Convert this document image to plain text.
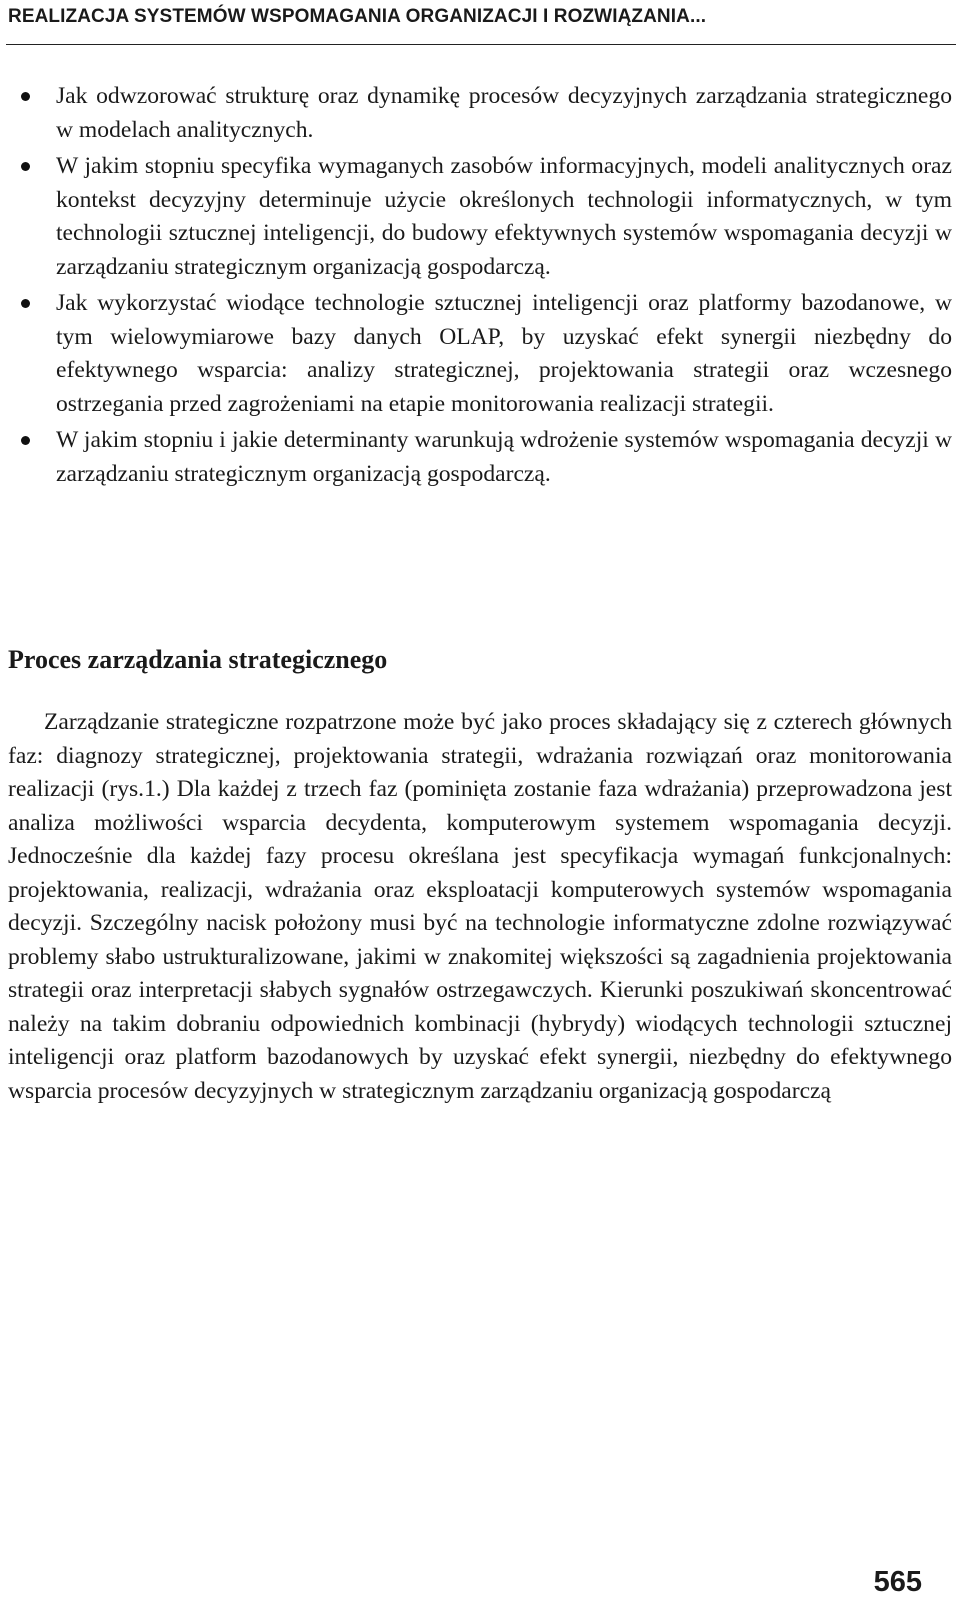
REALIZACJA SYSTEMÓW WSPOMAGANIA ORGANIZACJI I ROZWIĄZANIA...
Jak odwzorować strukturę oraz dynamikę procesów decyzyjnych zarządzania strategicznego w modelach analitycznych.
W jakim stopniu specyfika wymaganych zasobów informacyjnych, modeli analitycznych oraz kontekst decyzyjny determinuje użycie określonych technologii informatycznych, w tym technologii sztucznej inteligencji, do budowy efektywnych systemów wspomagania decyzji w zarządzaniu strategicznym organizacją gospodarczą.
Jak wykorzystać wiodące technologie sztucznej inteligencji oraz platformy bazodanowe, w tym wielowymiarowe bazy danych OLAP, by uzyskać efekt synergii niezbędny do efektywnego wsparcia: analizy strategicznej, projektowania strategii oraz wczesnego ostrzegania przed zagrożeniami na etapie monitorowania realizacji strategii.
W jakim stopniu i jakie determinanty warunkują wdrożenie systemów wspomagania decyzji w zarządzaniu strategicznym organizacją gospodarczą.
Proces zarządzania strategicznego

Zarządzanie strategiczne rozpatrzone może być jako proces składający się z czterech głównych faz: diagnozy strategicznej, projektowania strategii, wdrażania rozwiązań oraz monitorowania realizacji (rys.1.) Dla każdej z trzech faz (pominięta zostanie faza wdrażania) przeprowadzona jest analiza możliwości wsparcia decydenta, komputerowym systemem wspomagania decyzji. Jednocześnie dla każdej fazy procesu określana jest specyfikacja wymagań funkcjonalnych: projektowania, realizacji, wdrażania oraz eksploatacji komputerowych systemów wspomagania decyzji. Szczególny nacisk położony musi być na technologie informatyczne zdolne rozwiązywać problemy słabo ustrukturalizowane, jakimi w znakomitej większości są zagadnienia projektowania strategii oraz interpretacji słabych sygnałów ostrzegawczych. Kierunki poszukiwań skoncentrować należy na takim dobraniu odpowiednich kombinacji (hybrydy) wiodących technologii sztucznej inteligencji oraz platform bazodanowych by uzyskać efekt synergii, niezbędny do efektywnego wsparcia procesów decyzyjnych w strategicznym zarządzaniu organizacją gospodarczą

565
